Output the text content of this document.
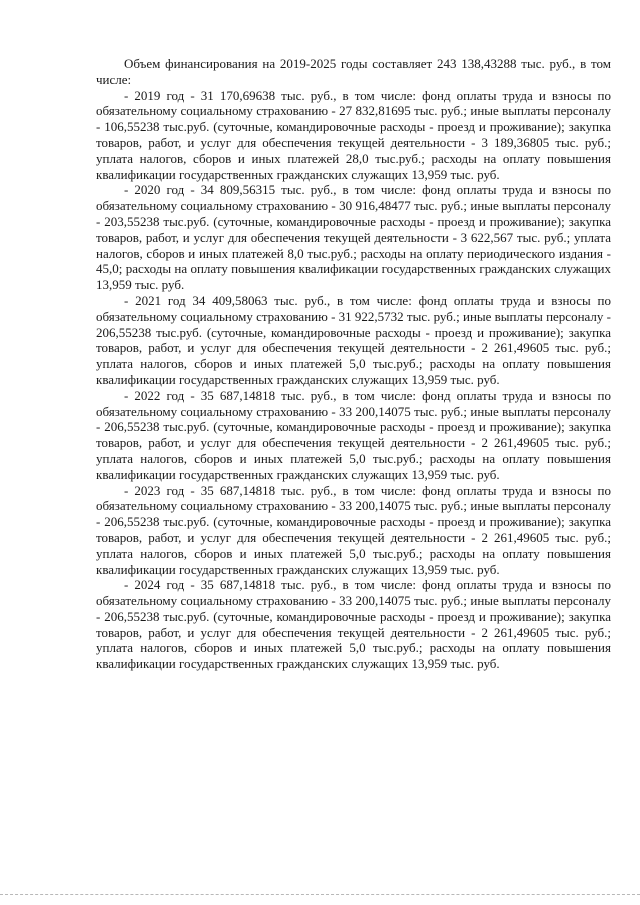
Объем финансирования на 2019-2025 годы составляет 243 138,43288 тыс. руб., в том числе:

- 2019 год - 31 170,69638 тыс. руб., в том числе: фонд оплаты труда и взносы по обязательному социальному страхованию - 27 832,81695 тыс. руб.; иные выплаты персоналу - 106,55238 тыс.руб. (суточные, командировочные расходы - проезд и проживание); закупка товаров, работ, и услуг для обеспечения текущей деятельности - 3 189,36805 тыс. руб.; уплата налогов, сборов и иных платежей 28,0 тыс.руб.; расходы на оплату повышения квалификации государственных гражданских служащих 13,959 тыс. руб.

- 2020 год - 34 809,56315 тыс. руб., в том числе: фонд оплаты труда и взносы по обязательному социальному страхованию - 30 916,48477 тыс. руб.; иные выплаты персоналу - 203,55238 тыс.руб. (суточные, командировочные расходы - проезд и проживание); закупка товаров, работ, и услуг для обеспечения текущей деятельности - 3 622,567 тыс. руб.; уплата налогов, сборов и иных платежей 8,0 тыс.руб.; расходы на оплату периодического издания - 45,0; расходы на оплату повышения квалификации государственных гражданских служащих 13,959 тыс. руб.

- 2021 год 34 409,58063 тыс. руб., в том числе: фонд оплаты труда и взносы по обязательному социальному страхованию - 31 922,5732 тыс. руб.; иные выплаты персоналу - 206,55238 тыс.руб. (суточные, командировочные расходы - проезд и проживание); закупка товаров, работ, и услуг для обеспечения текущей деятельности - 2 261,49605 тыс. руб.; уплата налогов, сборов и иных платежей 5,0 тыс.руб.; расходы на оплату повышения квалификации государственных гражданских служащих 13,959 тыс. руб.

- 2022 год - 35 687,14818 тыс. руб., в том числе: фонд оплаты труда и взносы по обязательному социальному страхованию - 33 200,14075 тыс. руб.; иные выплаты персоналу - 206,55238 тыс.руб. (суточные, командировочные расходы - проезд и проживание); закупка товаров, работ, и услуг для обеспечения текущей деятельности - 2 261,49605 тыс. руб.; уплата налогов, сборов и иных платежей 5,0 тыс.руб.; расходы на оплату повышения квалификации государственных гражданских служащих 13,959 тыс. руб.

- 2023 год - 35 687,14818 тыс. руб., в том числе: фонд оплаты труда и взносы по обязательному социальному страхованию - 33 200,14075 тыс. руб.; иные выплаты персоналу - 206,55238 тыс.руб. (суточные, командировочные расходы - проезд и проживание); закупка товаров, работ, и услуг для обеспечения текущей деятельности - 2 261,49605 тыс. руб.; уплата налогов, сборов и иных платежей 5,0 тыс.руб.; расходы на оплату повышения квалификации государственных гражданских служащих 13,959 тыс. руб.

- 2024 год - 35 687,14818 тыс. руб., в том числе: фонд оплаты труда и взносы по обязательному социальному страхованию - 33 200,14075 тыс. руб.; иные выплаты персоналу - 206,55238 тыс.руб. (суточные, командировочные расходы - проезд и проживание); закупка товаров, работ, и услуг для обеспечения текущей деятельности - 2 261,49605 тыс. руб.; уплата налогов, сборов и иных платежей 5,0 тыс.руб.; расходы на оплату повышения квалификации государственных гражданских служащих 13,959 тыс. руб.
